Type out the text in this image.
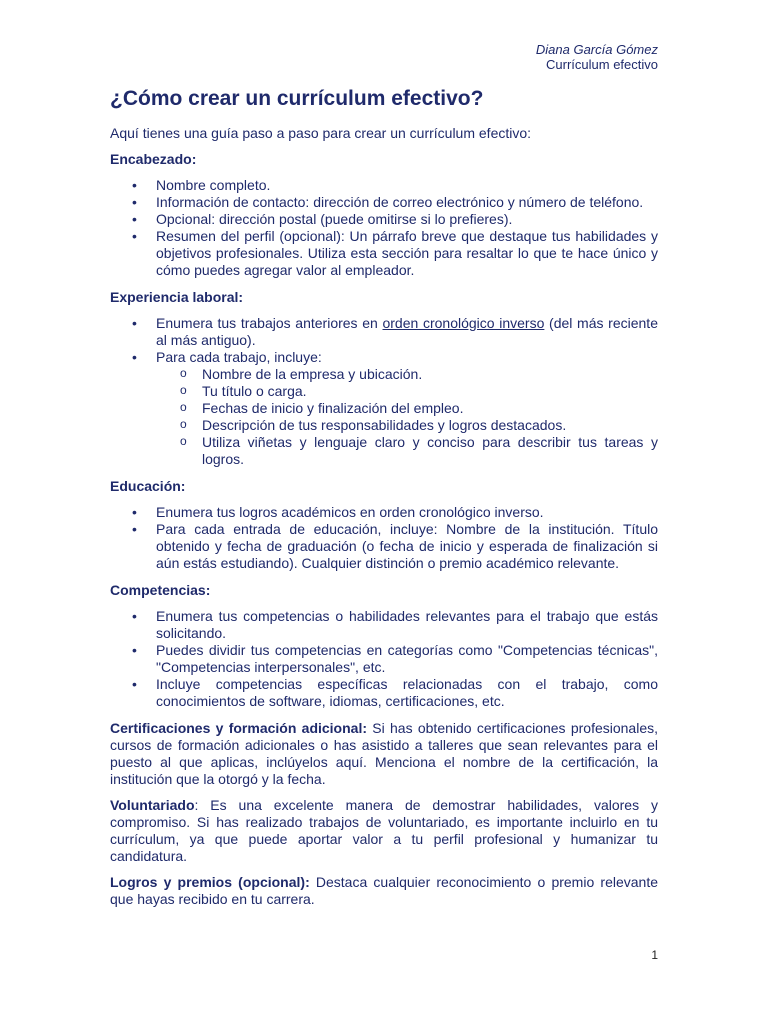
Diana García Gómez
Currículum efectivo
¿Cómo crear un currículum efectivo?

Aquí tienes una guía paso a paso para crear un currículum efectivo:

Encabezado:
• Nombre completo.
• Información de contacto: dirección de correo electrónico y número de teléfono.
• Opcional: dirección postal (puede omitirse si lo prefieres).
• Resumen del perfil (opcional): Un párrafo breve que destaque tus habilidades y objetivos profesionales. Utiliza esta sección para resaltar lo que te hace único y cómo puedes agregar valor al empleador.
Experiencia laboral:
• Enumera tus trabajos anteriores en orden cronológico inverso (del más reciente al más antiguo).
• Para cada trabajo, incluye:
o Nombre de la empresa y ubicación.
o Tu título o carga.
o Fechas de inicio y finalización del empleo.
o Descripción de tus responsabilidades y logros destacados.
o Utiliza viñetas y lenguaje claro y conciso para describir tus tareas y logros.
Educación:
• Enumera tus logros académicos en orden cronológico inverso.
• Para cada entrada de educación, incluye: Nombre de la institución. Título obtenido y fecha de graduación (o fecha de inicio y esperada de finalización si aún estás estudiando). Cualquier distinción o premio académico relevante.
Competencias:
• Enumera tus competencias o habilidades relevantes para el trabajo que estás solicitando.
• Puedes dividir tus competencias en categorías como "Competencias técnicas", "Competencias interpersonales", etc.
• Incluye competencias específicas relacionadas con el trabajo, como conocimientos de software, idiomas, certificaciones, etc.

Certificaciones y formación adicional: Si has obtenido certificaciones profesionales, cursos de formación adicionales o has asistido a talleres que sean relevantes para el puesto al que aplicas, inclúyelos aquí. Menciona el nombre de la certificación, la institución que la otorgó y la fecha.

Voluntariado: Es una excelente manera de demostrar habilidades, valores y compromiso. Si has realizado trabajos de voluntariado, es importante incluirlo en tu currículum, ya que puede aportar valor a tu perfil profesional y humanizar tu candidatura.

Logros y premios (opcional): Destaca cualquier reconocimiento o premio relevante que hayas recibido en tu carrera.

1
